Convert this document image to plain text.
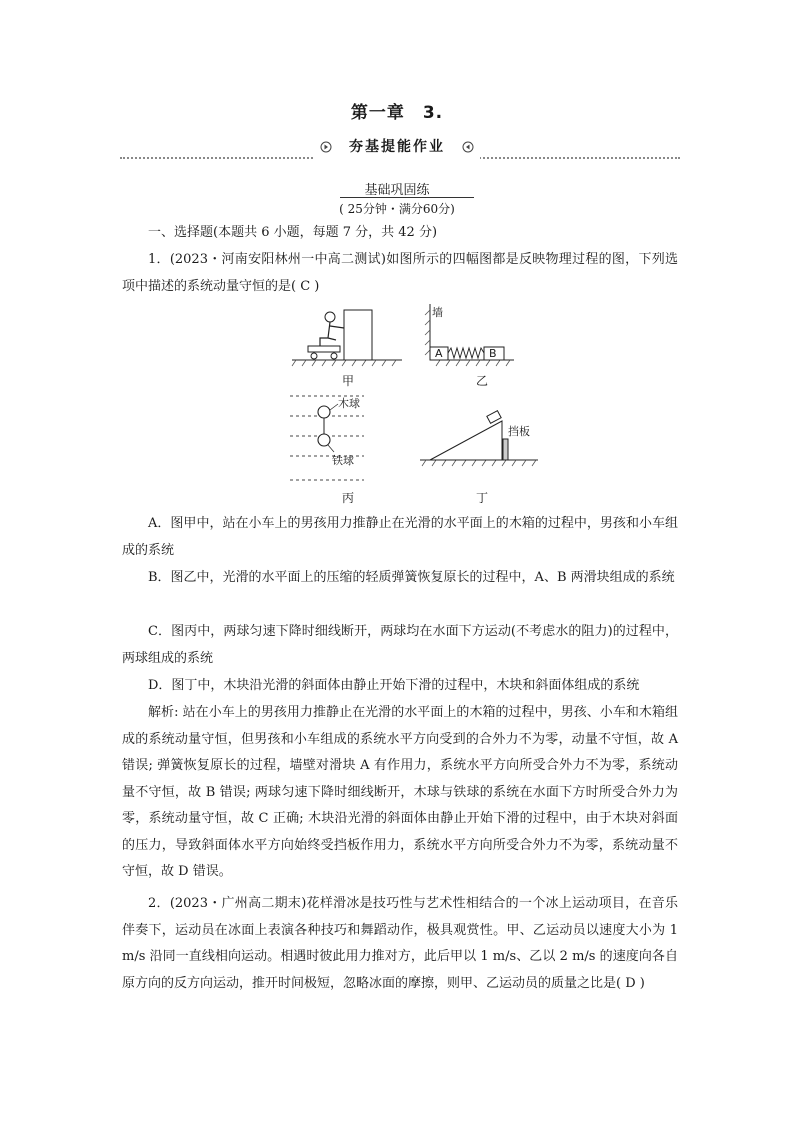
第一章　3.
夯基提能作业
基础巩固练
( 25分钟・满分60分)
一、选择题(本题共 6 小题，每题 7 分，共 42 分)
1．(2023・河南安阳林州一中高二测试)如图所示的四幅图都是反映物理过程的图，下列选项中描述的系统动量守恒的是( C )
甲
墙
A	B
乙
木球
铁球
丙
挡板
丁
A．图甲中，站在小车上的男孩用力推静止在光滑的水平面上的木箱的过程中，男孩和小车组成的系统
B．图乙中，光滑的水平面上的压缩的轻质弹簧恢复原长的过程中，A、B 两滑块组成的系统
C．图丙中，两球匀速下降时细线断开，两球均在水面下方运动(不考虑水的阻力)的过程中，两球组成的系统
D．图丁中，木块沿光滑的斜面体由静止开始下滑的过程中，木块和斜面体组成的系统
解析: 站在小车上的男孩用力推静止在光滑的水平面上的木箱的过程中，男孩、小车和木箱组成的系统动量守恒，但男孩和小车组成的系统水平方向受到的合外力不为零，动量不守恒，故 A 错误; 弹簧恢复原长的过程，墙壁对滑块 A 有作用力，系统水平方向所受合外力不为零，系统动量不守恒，故 B 错误; 两球匀速下降时细线断开，木球与铁球的系统在水面下方时所受合外力为零，系统动量守恒，故 C 正确; 木块沿光滑的斜面体由静止开始下滑的过程中，由于木块对斜面的压力，导致斜面体水平方向始终受挡板作用力，系统水平方向所受合外力不为零，系统动量不守恒，故 D 错误。
2．(2023・广州高二期末)花样滑冰是技巧性与艺术性相结合的一个冰上运动项目，在音乐伴奏下，运动员在冰面上表演各种技巧和舞蹈动作，极具观赏性。甲、乙运动员以速度大小为 1 m/s 沿同一直线相向运动。相遇时彼此用力推对方，此后甲以 1 m/s、乙以 2 m/s 的速度向各自原方向的反方向运动，推开时间极短，忽略冰面的摩擦，则甲、乙运动员的质量之比是( D )
